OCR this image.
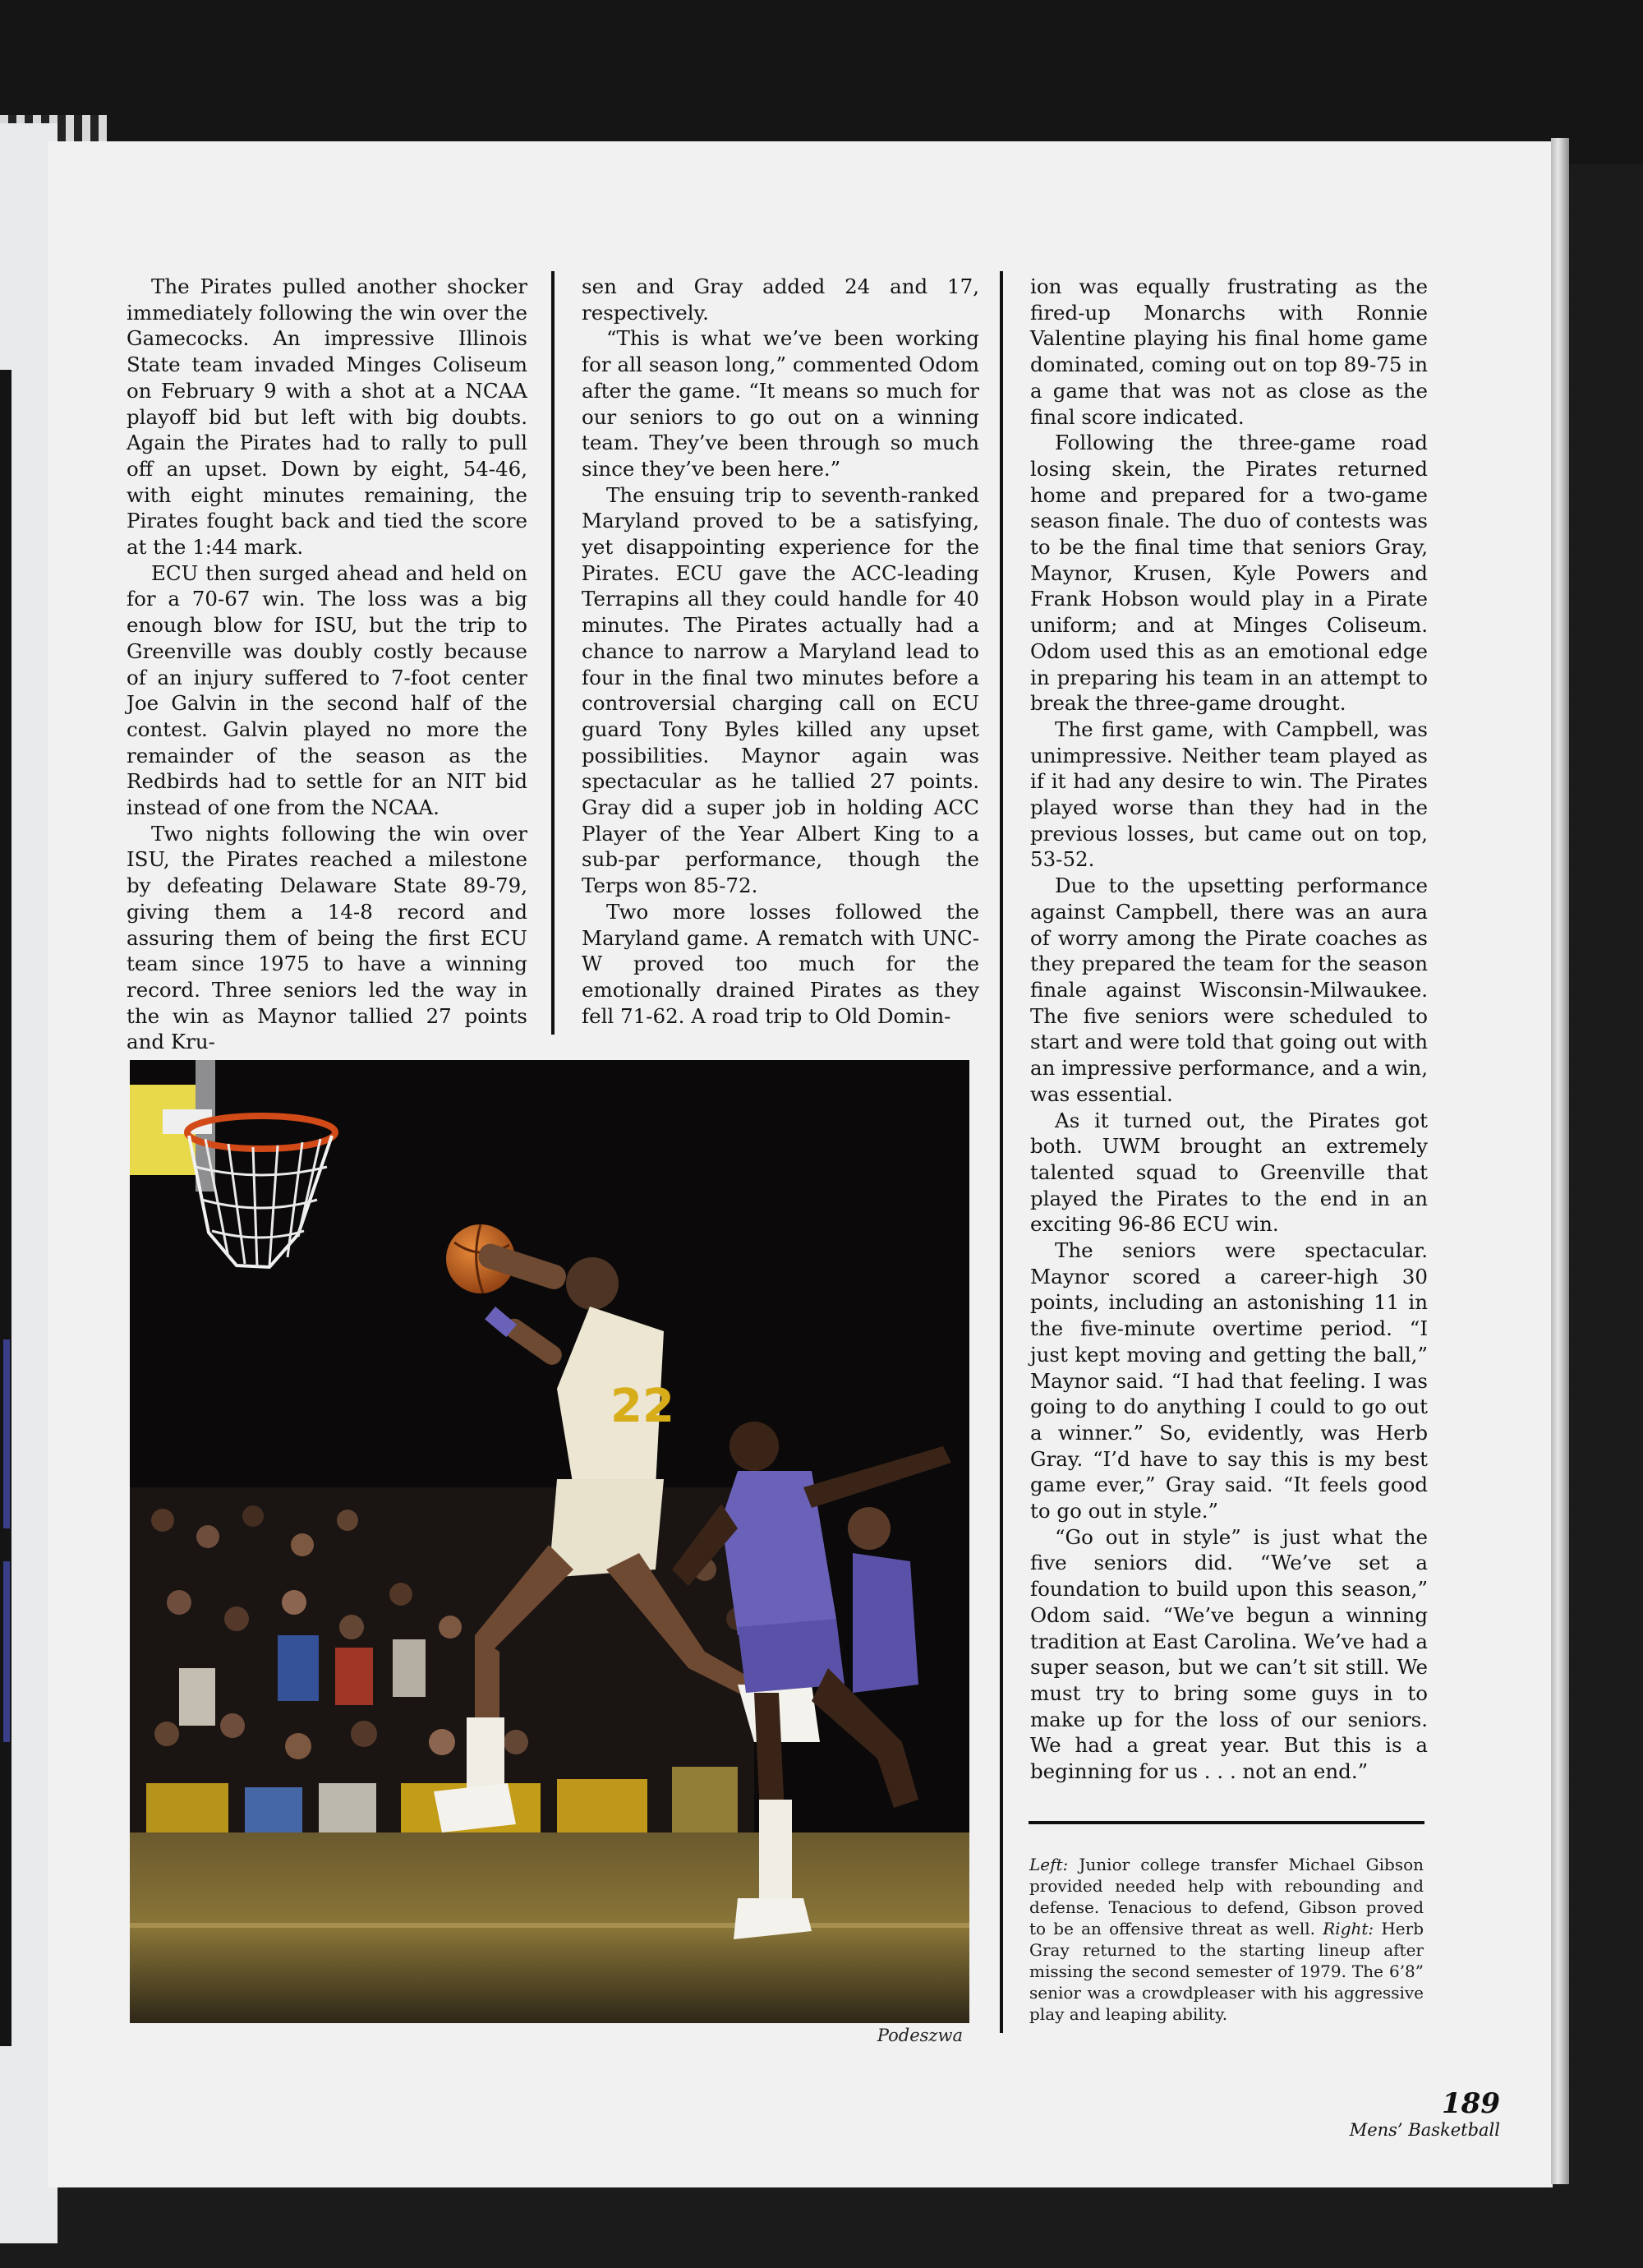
The Pirates pulled another shocker immediately following the win over the Gamecocks. An impressive Illinois State team invaded Minges Coliseum on February 9 with a shot at a NCAA playoff bid but left with big doubts. Again the Pirates had to rally to pull off an upset. Down by eight, 54-46, with eight minutes remaining, the Pirates fought back and tied the score at the 1:44 mark.

ECU then surged ahead and held on for a 70-67 win. The loss was a big enough blow for ISU, but the trip to Greenville was doubly costly because of an injury suffered to 7-foot center Joe Galvin in the second half of the contest. Galvin played no more the remainder of the season as the Redbirds had to settle for an NIT bid instead of one from the NCAA.

Two nights following the win over ISU, the Pirates reached a milestone by defeating Delaware State 89-79, giving them a 14-8 record and assuring them of being the first ECU team since 1975 to have a winning record. Three seniors led the way in the win as Maynor tallied 27 points and Kru-

sen and Gray added 24 and 17, respectively.

“This is what we’ve been working for all season long,” commented Odom after the game. “It means so much for our seniors to go out on a winning team. They’ve been through so much since they’ve been here.”

The ensuing trip to seventh-ranked Maryland proved to be a satisfying, yet disappointing experience for the Pirates. ECU gave the ACC-leading Terrapins all they could handle for 40 minutes. The Pirates actually had a chance to narrow a Maryland lead to four in the final two minutes before a controversial charging call on ECU guard Tony Byles killed any upset possibilities. Maynor again was spectacular as he tallied 27 points. Gray did a super job in holding ACC Player of the Year Albert King to a sub-par performance, though the Terps won 85-72.

Two more losses followed the Maryland game. A rematch with UNC-W proved too much for the emotionally drained Pirates as they fell 71-62. A road trip to Old Domin-

ion was equally frustrating as the fired-up Monarchs with Ronnie Valentine playing his final home game dominated, coming out on top 89-75 in a game that was not as close as the final score indicated.

Following the three-game road losing skein, the Pirates returned home and prepared for a two-game season finale. The duo of contests was to be the final time that seniors Gray, Maynor, Krusen, Kyle Powers and Frank Hobson would play in a Pirate uniform; and at Minges Coliseum. Odom used this as an emotional edge in preparing his team in an attempt to break the three-game drought.

The first game, with Campbell, was unimpressive. Neither team played as if it had any desire to win. The Pirates played worse than they had in the previous losses, but came out on top, 53-52.

Due to the upsetting performance against Campbell, there was an aura of worry among the Pirate coaches as they prepared the team for the season finale against Wisconsin-Milwaukee. The five seniors were scheduled to start and were told that going out with an impressive performance, and a win, was essential.

As it turned out, the Pirates got both. UWM brought an extremely talented squad to Greenville that played the Pirates to the end in an exciting 96-86 ECU win.

The seniors were spectacular. Maynor scored a career-high 30 points, including an astonishing 11 in the five-minute overtime period. “I just kept moving and getting the ball,” Maynor said. “I had that feeling. I was going to do anything I could to go out a winner.” So, evidently, was Herb Gray. “I’d have to say this is my best game ever,” Gray said. “It feels good to go out in style.”

“Go out in style” is just what the five seniors did. “We’ve set a foundation to build upon this season,” Odom said. “We’ve begun a winning tradition at East Carolina. We’ve had a super season, but we can’t sit still. We must try to bring some guys in to make up for the loss of our seniors. We had a great year. But this is a beginning for us . . . not an end.”

22
Podeszwa
Left: Junior college transfer Michael Gibson provided needed help with rebounding and defense. Tenacious to defend, Gibson proved to be an offensive threat as well. Right: Herb Gray returned to the starting lineup after missing the second semester of 1979. The 6’8” senior was a crowdpleaser with his aggressive play and leaping ability.
189
Mens’ Basketball
